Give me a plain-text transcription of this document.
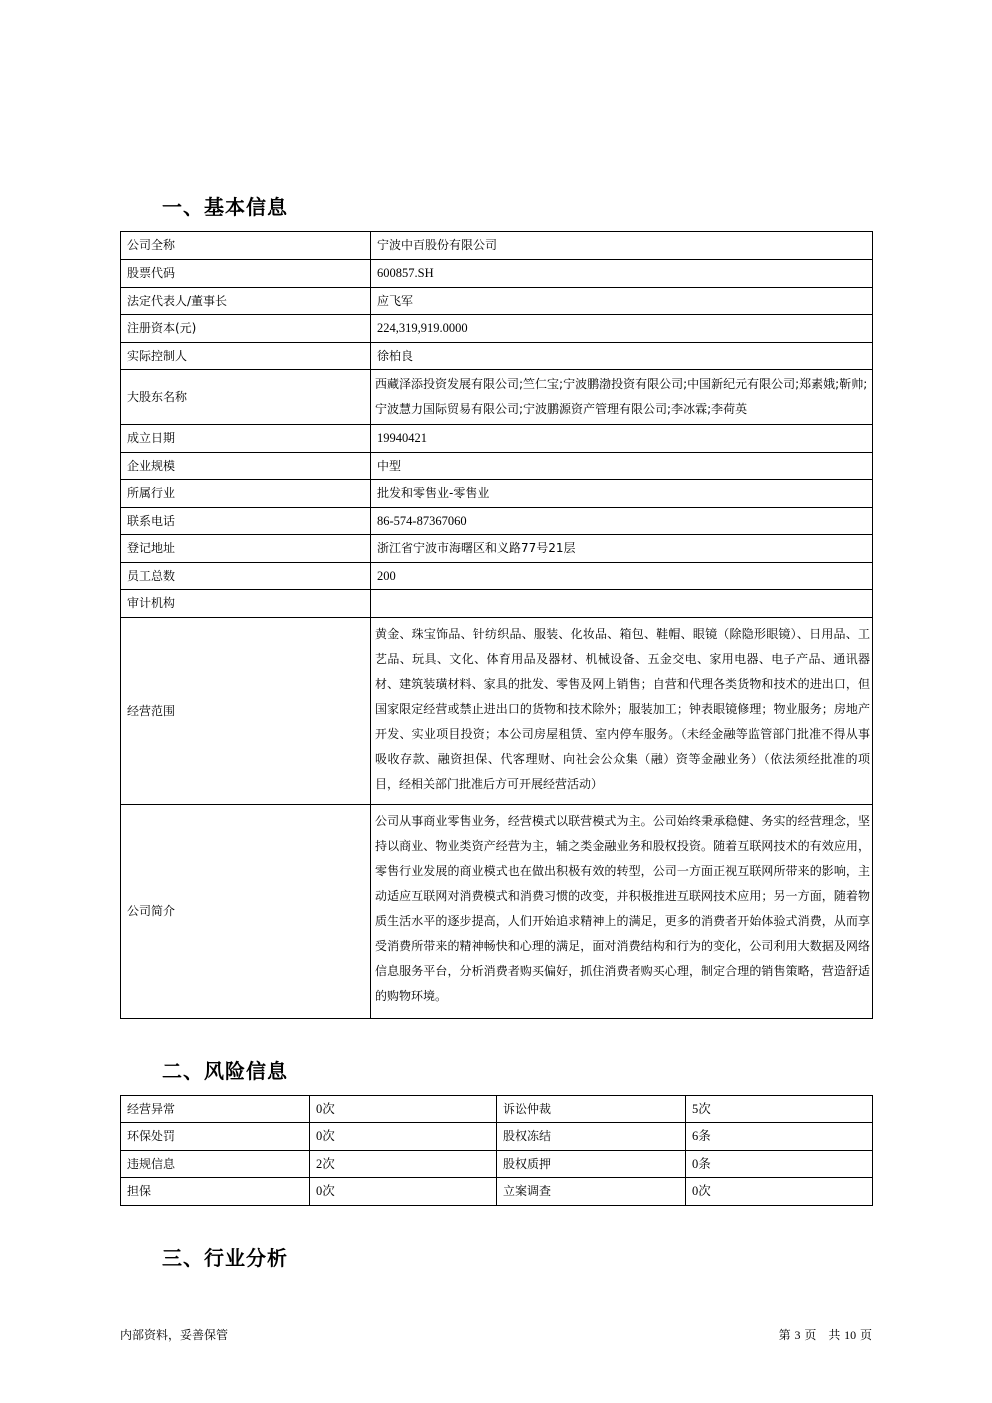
一、基本信息
公司全称	宁波中百股份有限公司
股票代码	600857.SH
法定代表人/董事长	应飞军
注册资本(元)	224,319,919.0000
实际控制人	徐柏良
大股东名称	西藏泽添投资发展有限公司;竺仁宝;宁波鹏渤投资有限公司;中国新纪元有限公司;郑素娥;靳帅;宁波慧力国际贸易有限公司;宁波鹏源资产管理有限公司;李冰霖;李荷英
成立日期	19940421
企业规模	中型
所属行业	批发和零售业-零售业
联系电话	86-574-87367060
登记地址	浙江省宁波市海曙区和义路77号21层
员工总数	200
审计机构	
经营范围	黄金、珠宝饰品、针纺织品、服装、化妆品、箱包、鞋帽、眼镜（除隐形眼镜）、日用品、工艺品、玩具、文化、体育用品及器材、机械设备、五金交电、家用电器、电子产品、通讯器材、建筑装璜材料、家具的批发、零售及网上销售；自营和代理各类货物和技术的进出口，但国家限定经营或禁止进出口的货物和技术除外；服装加工；钟表眼镜修理；物业服务；房地产开发、实业项目投资；本公司房屋租赁、室内停车服务。（未经金融等监管部门批准不得从事吸收存款、融资担保、代客理财、向社会公众集（融）资等金融业务）（依法须经批准的项目，经相关部门批准后方可开展经营活动）
公司简介	公司从事商业零售业务，经营模式以联营模式为主。公司始终秉承稳健、务实的经营理念，坚持以商业、物业类资产经营为主，辅之类金融业务和股权投资。随着互联网技术的有效应用，零售行业发展的商业模式也在做出积极有效的转型，公司一方面正视互联网所带来的影响，主动适应互联网对消费模式和消费习惯的改变，并积极推进互联网技术应用；另一方面，随着物质生活水平的逐步提高，人们开始追求精神上的满足，更多的消费者开始体验式消费，从而享受消费所带来的精神畅快和心理的满足，面对消费结构和行为的变化，公司利用大数据及网络信息服务平台，分析消费者购买偏好，抓住消费者购买心理，制定合理的销售策略，营造舒适的购物环境。
二、风险信息
经营异常	0次	诉讼仲裁	5次
环保处罚	0次	股权冻结	6条
违规信息	2次	股权质押	0条
担保	0次	立案调查	0次
三、行业分析
内部资料，妥善保管	第 3 页　共 10 页
